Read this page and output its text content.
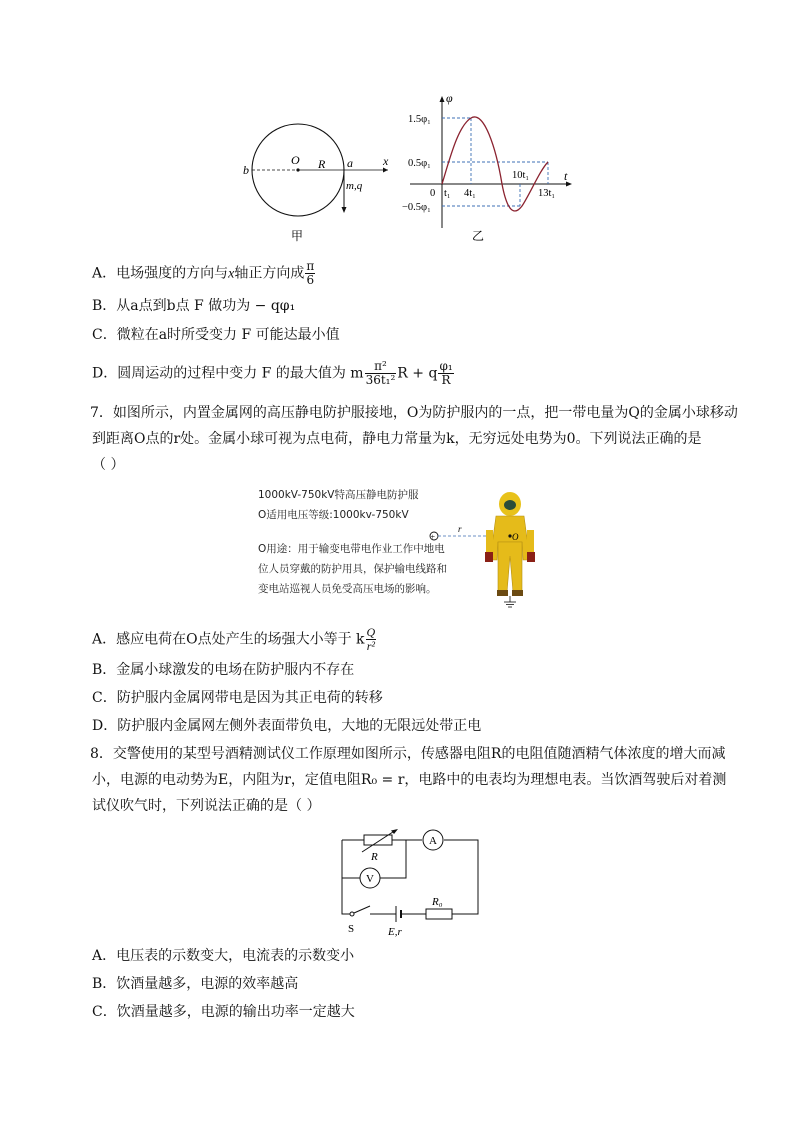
O R a
b
x
m,q
甲
φ
t
1.5φ₁
0.5φ₁
−0.5φ₁
0 t₁ 4t₁
10t₁
13t₁
乙
A．电场强度的方向与x轴正方向成 $\frac{\pi}{6}$
B．从a点到b点 F 做功为 − qφ₁
C．微粒在a时所受变力 F 可能达最小值
D．圆周运动的过程中变力 F 的最大值为 m $\frac{\text{π²}}{\text{36t₁²}}$ R + q $\frac{\text{φ₁}}{R}$
7．如图所示，内置金属网的高压静电防护服接地，O为防护服内的一点，把一带电量为Q的金属小球移动
到距离O点的r处。金属小球可视为点电荷，静电力常量为k，无穷远处电势为0。下列说法正确的是
（ ）
1000kV-750kV特高压静电防护服
O适用电压等级:1000kv-750kV
O用途：用于输变电带电作业工作中地电
位人员穿戴的防护用具，保护输电线路和
变电站巡视人员免受高压电场的影响。
+
r
O
A．感应电荷在O点处产生的场强大小等于 k $\frac{Q}{\text{r²}}$
B．金属小球激发的电场在防护服内不存在
C．防护服内金属网带电是因为其正电荷的转移
D．防护服内金属网左侧外表面带负电，大地的无限远处带正电
8．交警使用的某型号酒精测试仪工作原理如图所示，传感器电阻R的电阻值随酒精气体浓度的增大而减
小，电源的电动势为E，内阻为r，定值电阻R₀ = r，电路中的电表均为理想电表。当饮酒驾驶后对着测
试仪吹气时，下列说法正确的是（ ）
R
A
V
S	E,r
R₀
A．电压表的示数变大，电流表的示数变小
B．饮酒量越多，电源的效率越高
C．饮酒量越多，电源的输出功率一定越大
